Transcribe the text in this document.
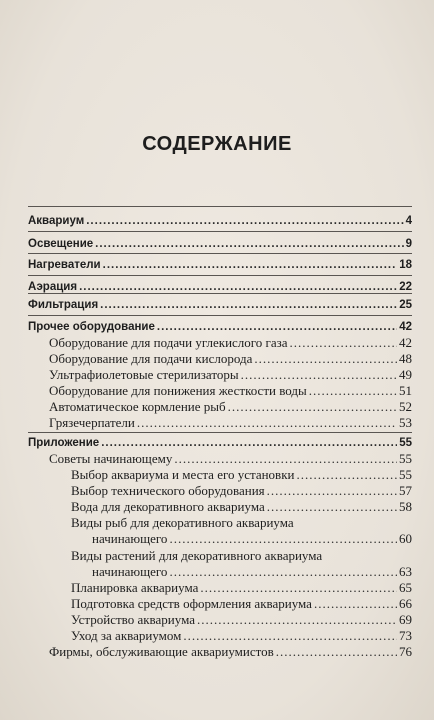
СОДЕРЖАНИЕ
Аквариум .....	4
Освещение .....	9
Нагреватели .....	18
Аэрация .....	22
Фильтрация .....	25
Прочее оборудование .....	42
Оборудование для подачи углекислого газа .....	42
Оборудование для подачи кислорода .....	48
Ультрафиолетовые стерилизаторы .....	49
Оборудование для понижения жесткости воды .....	51
Автоматическое кормление рыб .....	52
Грязечерпатели .....	53
Приложение .....	55
Советы начинающему .....	55
Выбор аквариума и места его установки .....	55
Выбор технического оборудования .....	57
Вода для декоративного аквариума .....	58
Виды рыб для декоративного аквариума
начинающего .....	60
Виды растений для декоративного аквариума
начинающего .....	63
Планировка аквариума .....	65
Подготовка средств оформления аквариума .....	66
Устройство аквариума .....	69
Уход за аквариумом .....	73
Фирмы, обслуживающие аквариумистов .....	76
